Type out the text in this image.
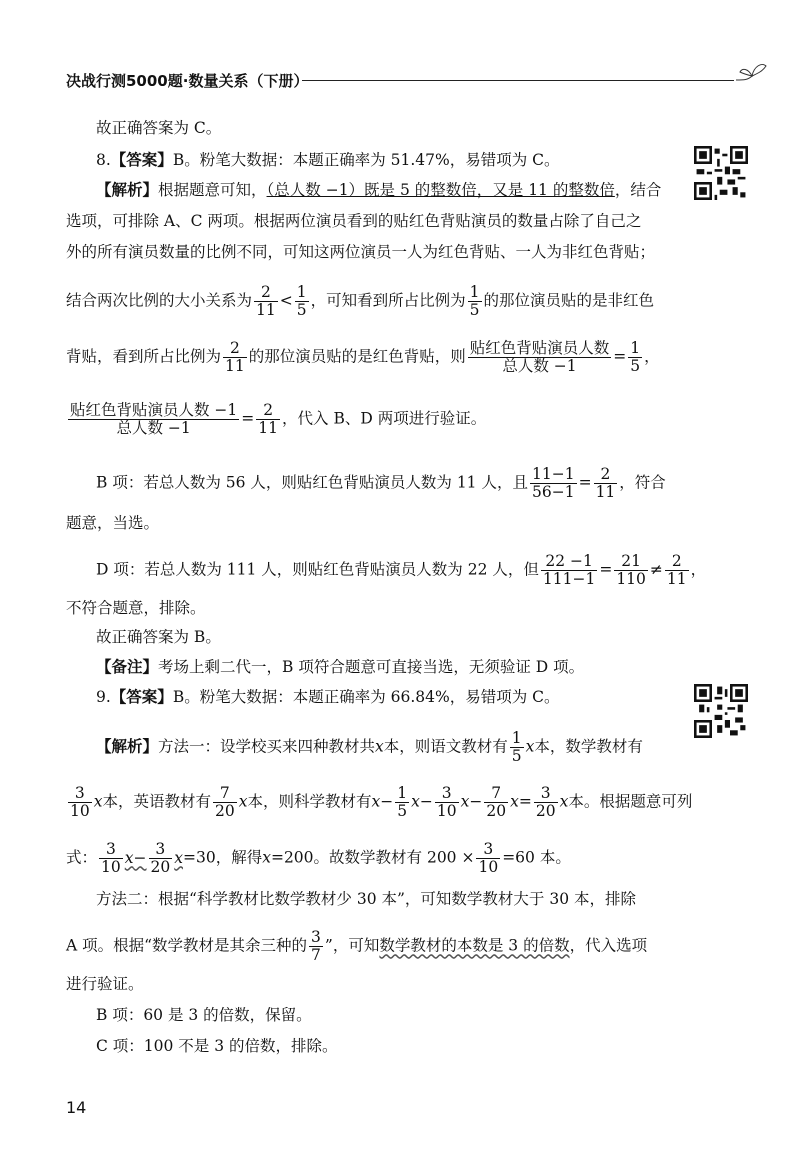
决战行测5000题·数量关系（下册）
故正确答案为 C。
8.【答案】B。粉笔大数据：本题正确率为 51.47%，易错项为 C。
【解析】根据题意可知，（总人数 −1）既是 5 的整数倍，又是 11 的整数倍，结合
选项，可排除 A、C 两项。根据两位演员看到的贴红色背贴演员的数量占除了自己之
外的所有演员数量的比例不同，可知这两位演员一人为红色背贴、一人为非红色背贴；
结合两次比例的大小关系为 $\frac{2}{11} < \frac{1}{5}$ ，可知看到所占比例为 $\frac{1}{5}$ 的那位演员贴的是非红色
背贴，看到所占比例为 $\frac{2}{11}$ 的那位演员贴的是红色背贴，则 $\frac{\text{贴红色背贴演员人数}}{\text{总人数 −1}} = \frac{1}{5}$ ，
$\frac{\text{贴红色背贴演员人数 −1}}{\text{总人数 −1}} = \frac{2}{11}$ ，代入 B、D 两项进行验证。
B 项：若总人数为 56 人，则贴红色背贴演员人数为 11 人，且 $\frac{11-1}{56-1} = \frac{2}{11}$ ，符合
题意，当选。
D 项：若总人数为 111 人，则贴红色背贴演员人数为 22 人，但 $\frac{22 -1}{111-1} = \frac{21}{110} \ne \frac{2}{11}$ ，
不符合题意，排除。
故正确答案为 B。
【备注】考场上剩二代一，B 项符合题意可直接当选，无须验证 D 项。
9.【答案】B。粉笔大数据：本题正确率为 66.84%，易错项为 C。
【解析】方法一：设学校买来四种教材共x本，则语文教材有 $\frac{1}{5}$ x本，数学教材有
$\frac{3}{10}$ x本，英语教材有 $\frac{7}{20}$ x本，则科学教材有$x- \frac{1}{5} x- \frac{3}{10} x- \frac{7}{20} x= \frac{3}{20}$ x本。根据题意可列
式： $\frac{3}{10} x- \frac{3}{20} x=30$，解得x=200。故数学教材有 $200 \times \frac{3}{10} =60$ 本。
方法二：根据“科学教材比数学教材少 30 本”，可知数学教材大于 30 本，排除
A 项。根据“数学教材是其余三种的 $\frac{3}{7}$ ”，可知数学教材的本数是 3 的倍数，代入选项
进行验证。
B 项：60 是 3 的倍数，保留。
C 项：100 不是 3 的倍数，排除。
14
